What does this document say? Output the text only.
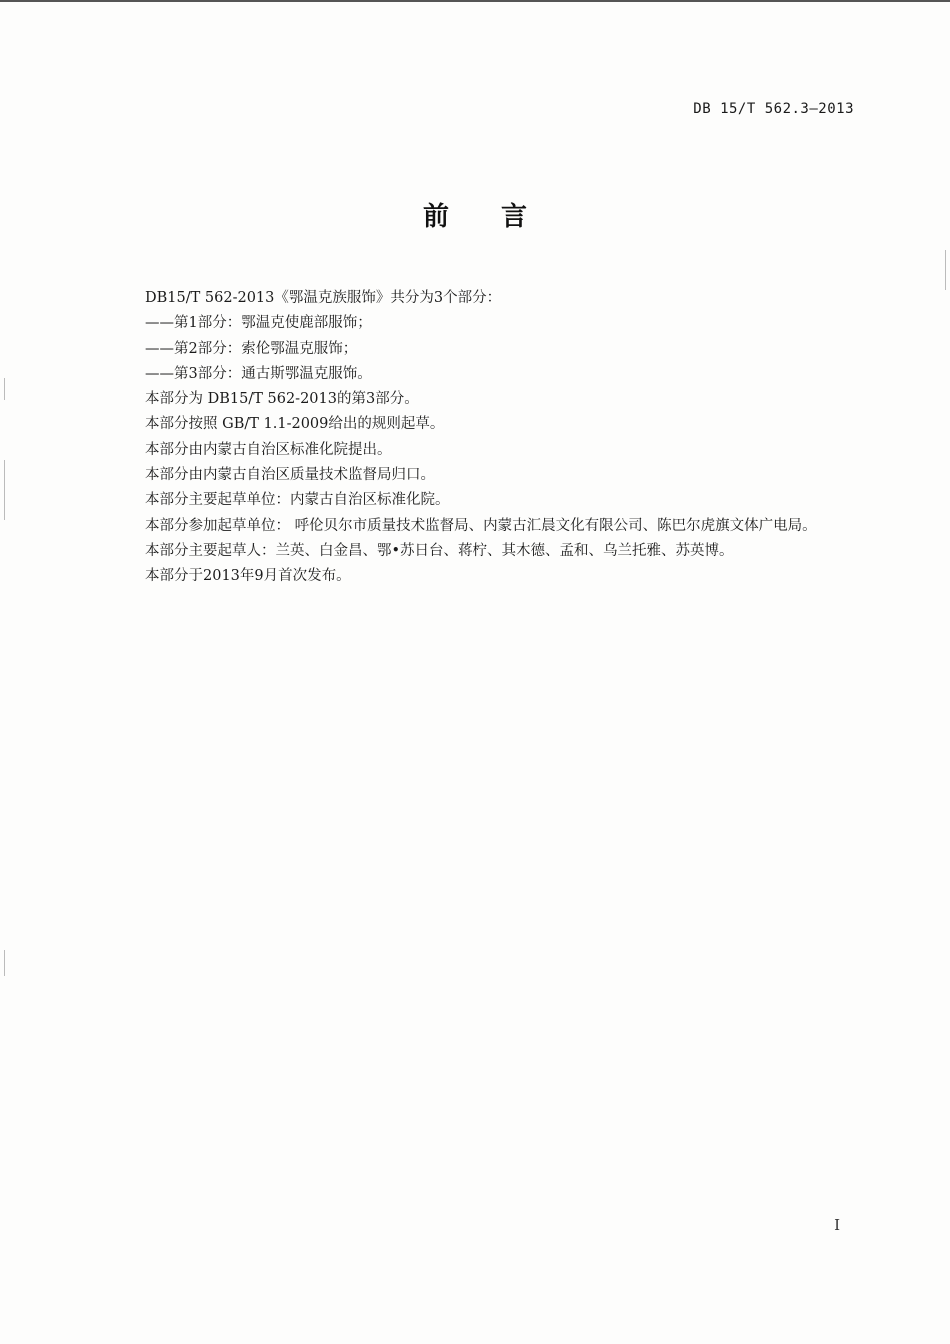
DB 15/T 562.3—2013
前言

DB15/T 562-2013《鄂温克族服饰》共分为3个部分：

——第1部分：鄂温克使鹿部服饰；

——第2部分：索伦鄂温克服饰；

——第3部分：通古斯鄂温克服饰。

本部分为 DB15/T 562-2013的第3部分。

本部分按照 GB/T 1.1-2009给出的规则起草。

本部分由内蒙古自治区标准化院提出。

本部分由内蒙古自治区质量技术监督局归口。

本部分主要起草单位：内蒙古自治区标准化院。

本部分参加起草单位： 呼伦贝尔市质量技术监督局、内蒙古汇晨文化有限公司、陈巴尔虎旗文体广电局。

本部分主要起草人：兰英、白金昌、鄂•苏日台、蒋柠、其木德、孟和、乌兰托雅、苏英博。

本部分于2013年9月首次发布。

I
